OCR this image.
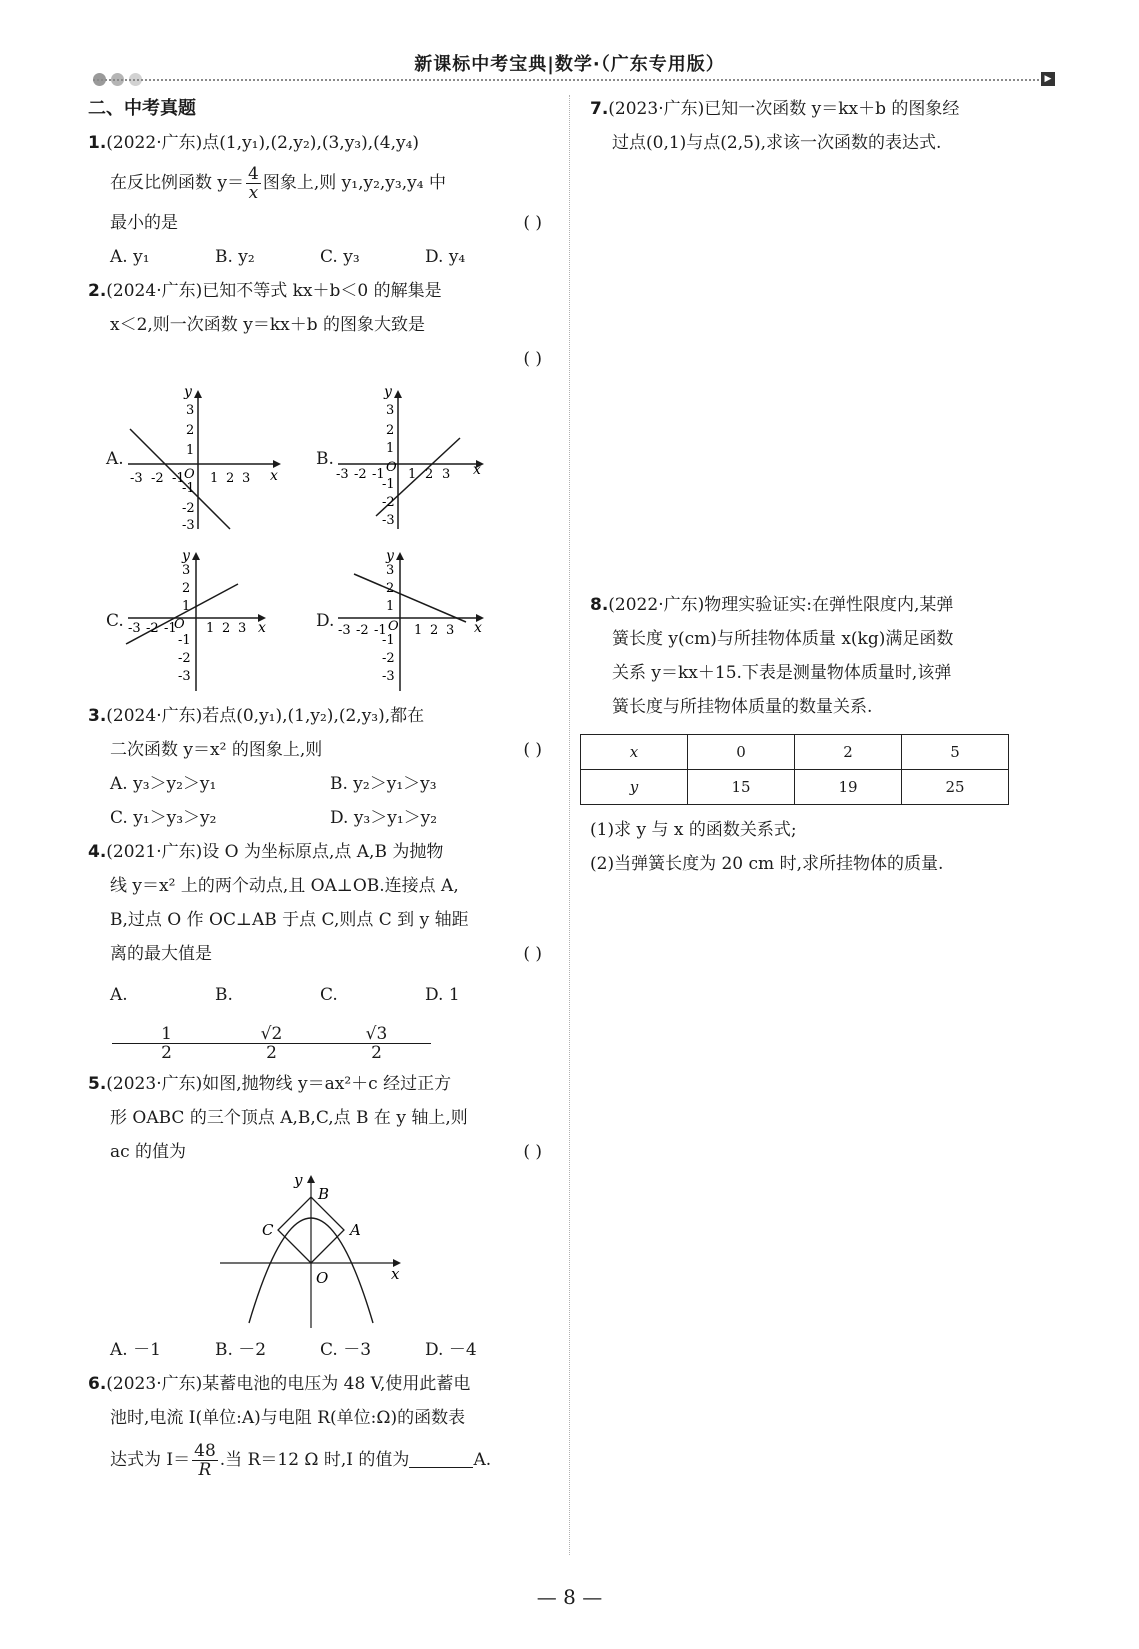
新课标中考宝典|数学·（广东专用版）
▶
二、中考真题
1.(2022·广东)点(1,y₁),(2,y₂),(3,y₃),(4,y₄)
在反比例函数 $y= \frac{4}{x}$ 图象上,则 y₁,y₂,y₃,y₄ 中
最小的是	( )
A. y₁	B. y₂	C. y₃	D. y₄
2.(2024·广东)已知不等式 kx＋b＜0 的解集是
x＜2,则一次函数 y＝kx＋b 的图象大致是
( )
A.
y
x
O
-3 -2 -1 1 2 3
3
2
1
-1
-2
-3
B.
y
x
O
-3 -2 -1 1 2 3
3
2
1
-1
-2
-3
C.
y
x
O
-3 -2 -1 1 2 3
3
2
1
-1
-2
-3
D.
y
x
O
-3 -2 -1 1 2 3
3
2
1
-1
-2
-3
3.(2024·广东)若点(0,y₁),(1,y₂),(2,y₃),都在
二次函数 y＝x² 的图象上,则	( )
A. y₃＞y₂＞y₁	B. y₂＞y₁＞y₃
C. y₁＞y₃＞y₂	D. y₃＞y₁＞y₂
4.(2021·广东)设 O 为坐标原点,点 A,B 为抛物
线 y＝x² 上的两个动点,且 OA⊥OB.连接点 A,
B,过点 O 作 OC⊥AB 于点 C,则点 C 到 y 轴距
离的最大值是	( )
A.
$\frac{1}{2}$
B.
$\frac{√2}{2}$
C.
$\frac{√3}{2}$
D. 1
5.(2023·广东)如图,抛物线 y＝ax²＋c 经过正方
形 OABC 的三个顶点 A,B,C,点 B 在 y 轴上,则
ac 的值为	( )
y
x
B
C	A
O
A. －1	B. －2	C. －3	D. －4
6.(2023·广东)某蓄电池的电压为 48 V,使用此蓄电
池时,电流 I(单位:A)与电阻 R(单位:Ω)的函数表
达式为 $I= \frac{48}{R}$ .当 R＝12 Ω 时,I 的值为	A.
7.(2023·广东)已知一次函数 y＝kx＋b 的图象经
过点(0,1)与点(2,5),求该一次函数的表达式.
8.(2022·广东)物理实验证实:在弹性限度内,某弹
簧长度 y(cm)与所挂物体质量 x(kg)满足函数
关系 y＝kx＋15.下表是测量物体质量时,该弹
簧长度与所挂物体质量的数量关系.
x	0	2	5
y	15	19	25
(1)求 y 与 x 的函数关系式;
(2)当弹簧长度为 20 cm 时,求所挂物体的质量.
— 8 —
